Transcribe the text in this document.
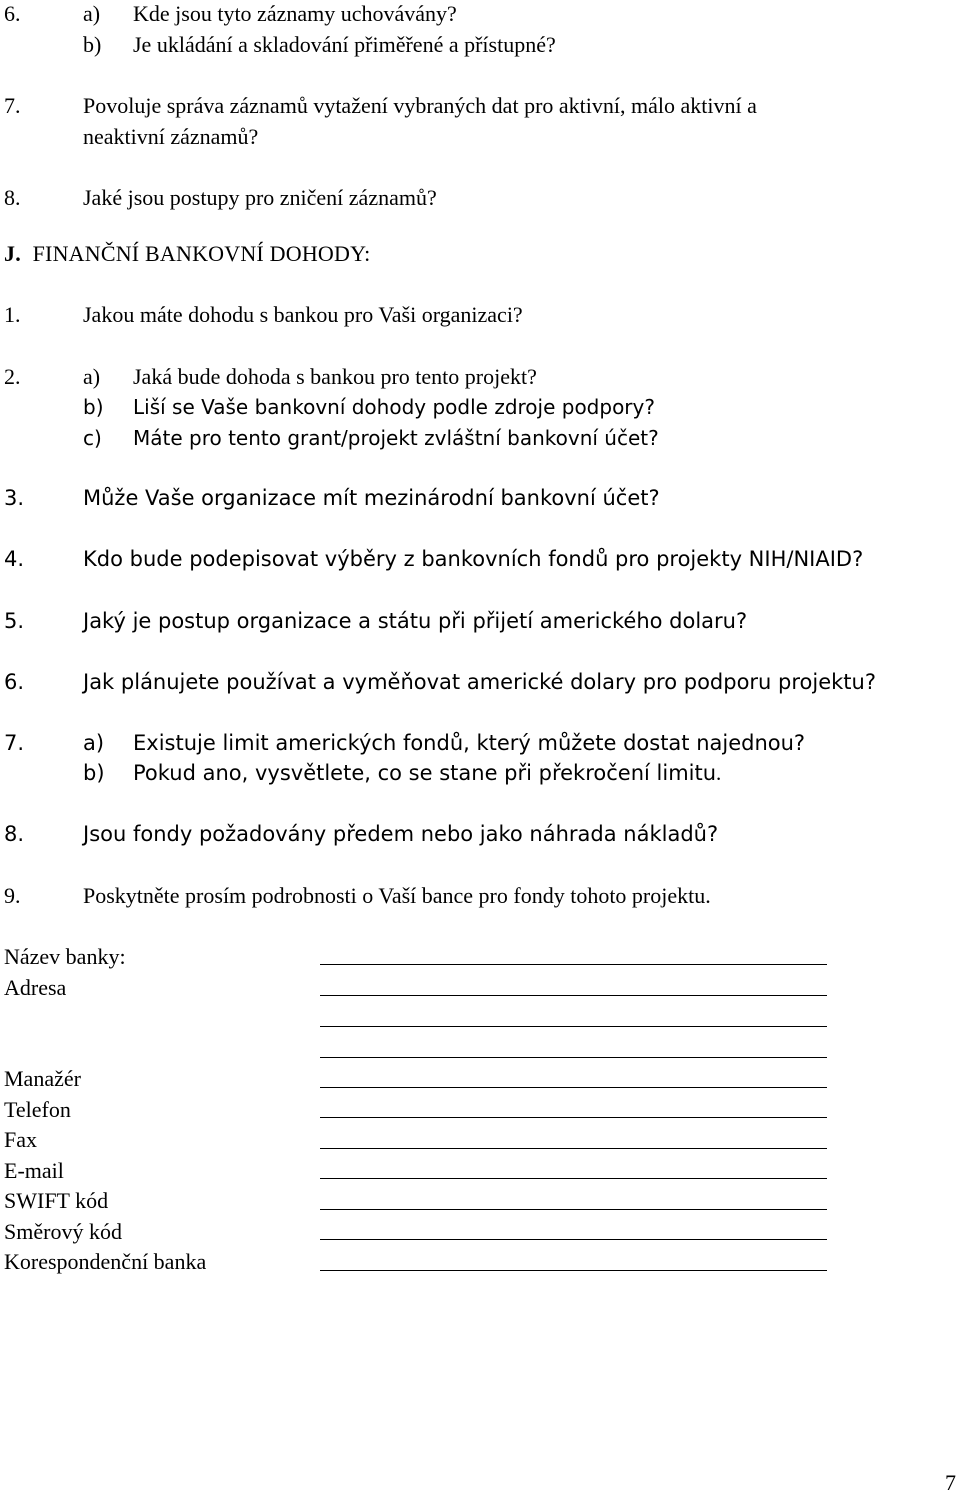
6.	a) Kde jsou tyto záznamy uchovávány?
b) Je ukládání a skladování přiměřené a přístupné?
7.	Povoluje správa záznamů vytažení vybraných dat pro aktivní, málo aktivní a
neaktivní záznamů?
8.	Jaké jsou postupy pro zničení záznamů?
J. FINANČNÍ BANKOVNÍ DOHODY:
1.	Jakou máte dohodu s bankou pro Vaši organizaci?
2.	a) Jaká bude dohoda s bankou pro tento projekt?
b) Liší se Vaše bankovní dohody podle zdroje podpory?
c) Máte pro tento grant/projekt zvláštní bankovní účet?
3.	Může Vaše organizace mít mezinárodní bankovní účet?
4.	Kdo bude podepisovat výběry z bankovních fondů pro projekty NIH/NIAID?
5.	Jaký je postup organizace a státu při přijetí amerického dolaru?
6.	Jak plánujete používat a vyměňovat americké dolary pro podporu projektu?
7.	a) Existuje limit amerických fondů, který můžete dostat najednou?
b) Pokud ano, vysvětlete, co se stane při překročení limitu.
8.	Jsou fondy požadovány předem nebo jako náhrada nákladů?
9.	Poskytněte prosím podrobnosti o Vaší bance pro fondy tohoto projektu.
Název banky:
Adresa
Manažér
Telefon
Fax
E-mail
SWIFT kód
Směrový kód
Korespondenční banka
7
